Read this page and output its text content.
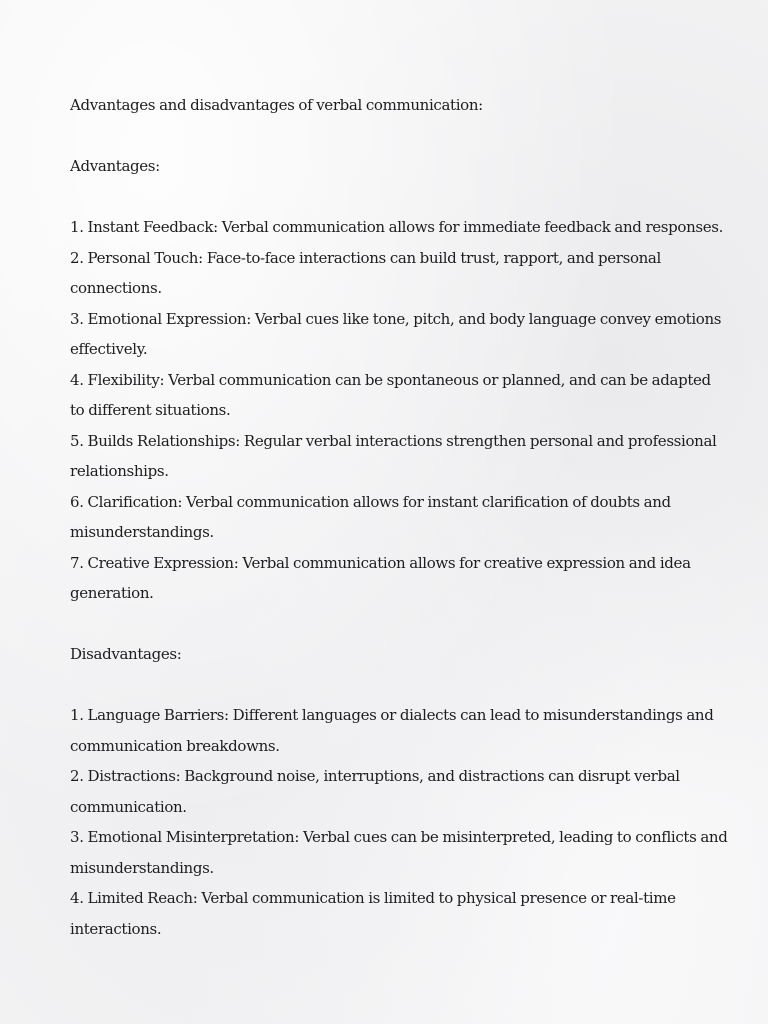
Advantages and disadvantages of verbal communication:

Advantages:

1. Instant Feedback: Verbal communication allows for immediate feedback and responses.
2. Personal Touch: Face-to-face interactions can build trust, rapport, and personal connections.
3. Emotional Expression: Verbal cues like tone, pitch, and body language convey emotions effectively.
4. Flexibility: Verbal communication can be spontaneous or planned, and can be adapted to different situations.
5. Builds Relationships: Regular verbal interactions strengthen personal and professional relationships.
6. Clarification: Verbal communication allows for instant clarification of doubts and misunderstandings.
7. Creative Expression: Verbal communication allows for creative expression and idea generation.

Disadvantages:

1. Language Barriers: Different languages or dialects can lead to misunderstandings and communication breakdowns.
2. Distractions: Background noise, interruptions, and distractions can disrupt verbal communication.
3. Emotional Misinterpretation: Verbal cues can be misinterpreted, leading to conflicts and misunderstandings.
4. Limited Reach: Verbal communication is limited to physical presence or real-time interactions.
